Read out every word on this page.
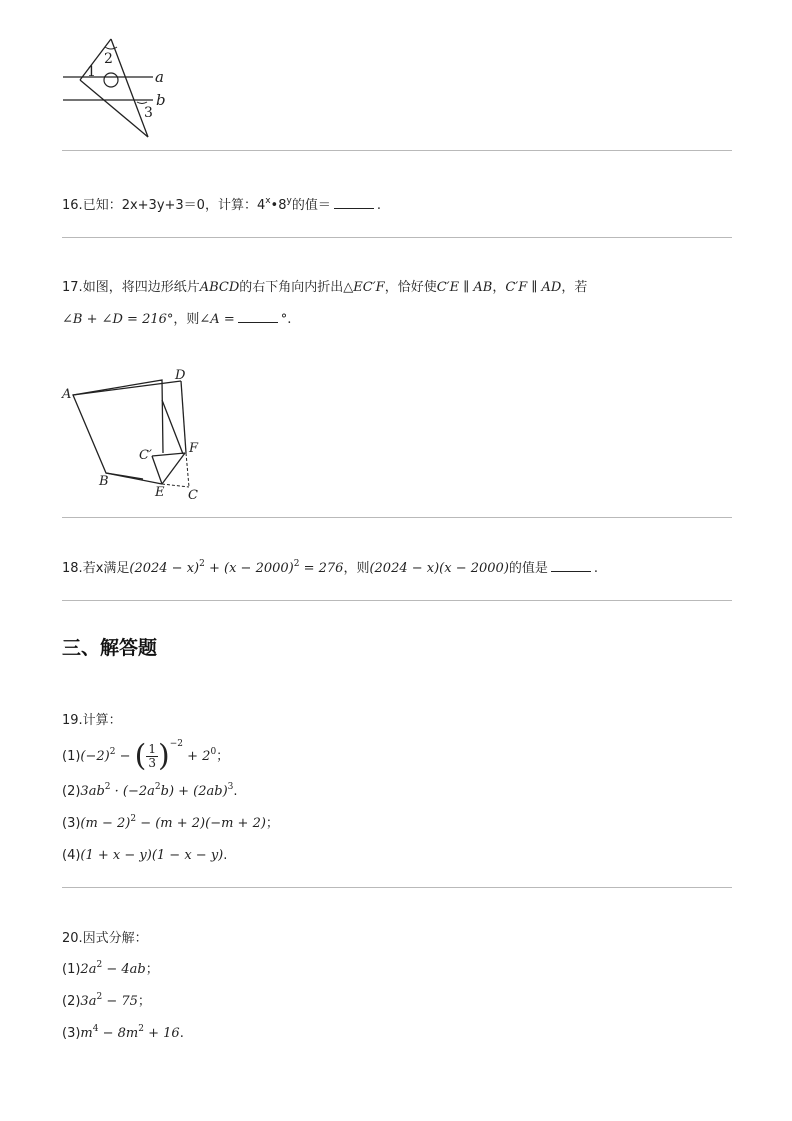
1
2
3
a
b
16.已知：2x+3y+3＝0，计算：4$^x$•8$^y$的值＝	.
17.如图，将四边形纸片ABCD的右下角向内折出△EC′F，恰好使C′E ∥ AB，C′F ∥ AD，若
∠B + ∠D = 216°，则∠A =	°.
A
D
B
E C
F
C′
18.若x满足$(2024 - x)^2 + (x - 2000)^2 = 276$，则(2024 − x)(x − 2000)的值是	.
三、解答题
19.计算：
$(1)(-2)^2$ − ( $\frac{1}{3} )^{-2} + 2^0$；
$(2)3ab^2 \cdot (-2a^2b) + (2ab)^3$.
$(3)(m - 2)^2 - (m + 2)(-m + 2)$；
(4)(1 + x − y)(1 − x − y).
20.因式分解：
$(1)2a^2 - 4ab$；
$(2)3a^2 - 75$；
$(3)m^4 - 8m^2 + 16$.
